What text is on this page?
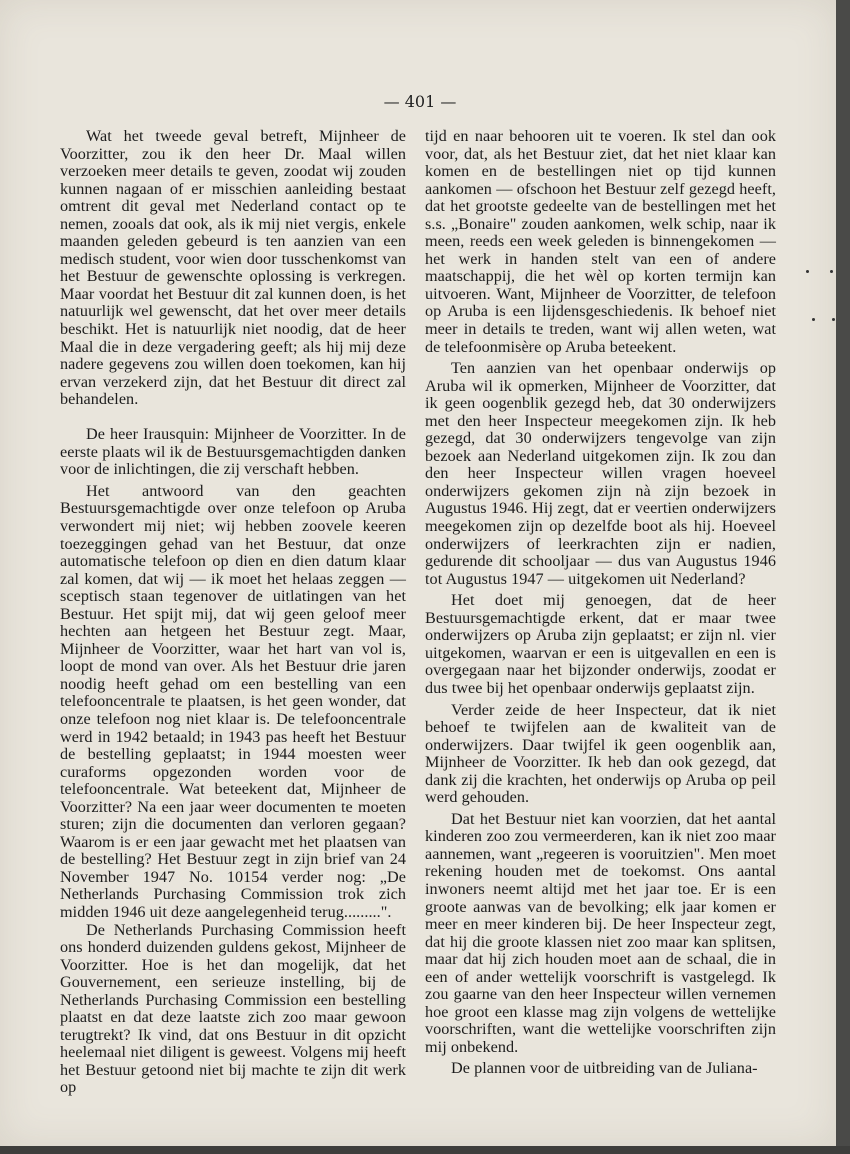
— 401 —

Wat het tweede geval betreft, Mijnheer de Voorzitter, zou ik den heer Dr. Maal willen verzoeken meer details te geven, zoodat wij zouden kunnen nagaan of er misschien aanleiding bestaat omtrent dit geval met Nederland contact op te nemen, zooals dat ook, als ik mij niet vergis, enkele maanden geleden gebeurd is ten aanzien van een medisch student, voor wien door tusschenkomst van het Bestuur de gewenschte oplossing is verkregen. Maar voordat het Bestuur dit zal kunnen doen, is het natuurlijk wel gewenscht, dat het over meer details beschikt. Het is natuurlijk niet noodig, dat de heer Maal die in deze vergadering geeft; als hij mij deze nadere gegevens zou willen doen toekomen, kan hij ervan verzekerd zijn, dat het Bestuur dit direct zal behandelen.

De heer Irausquin: Mijnheer de Voorzitter. In de eerste plaats wil ik de Bestuursgemachtigden danken voor de inlichtingen, die zij verschaft hebben.

Het antwoord van den geachten Bestuursgemachtigde over onze telefoon op Aruba verwondert mij niet; wij hebben zoovele keeren toezeggingen gehad van het Bestuur, dat onze automatische telefoon op dien en dien datum klaar zal komen, dat wij — ik moet het helaas zeggen — sceptisch staan tegenover de uitlatingen van het Bestuur. Het spijt mij, dat wij geen geloof meer hechten aan hetgeen het Bestuur zegt. Maar, Mijnheer de Voorzitter, waar het hart van vol is, loopt de mond van over. Als het Bestuur drie jaren noodig heeft gehad om een bestelling van een telefooncentrale te plaatsen, is het geen wonder, dat onze telefoon nog niet klaar is. De telefooncentrale werd in 1942 betaald; in 1943 pas heeft het Bestuur de bestelling geplaatst; in 1944 moesten weer curaforms opgezonden worden voor de telefooncentrale. Wat beteekent dat, Mijnheer de Voorzitter? Na een jaar weer documenten te moeten sturen; zijn die documenten dan verloren gegaan? Waarom is er een jaar gewacht met het plaatsen van de bestelling? Het Bestuur zegt in zijn brief van 24 November 1947 No. 10154 verder nog: „De Netherlands Purchasing Commission trok zich midden 1946 uit deze aangelegenheid terug.........".

De Netherlands Purchasing Commission heeft ons honderd duizenden guldens gekost, Mijnheer de Voorzitter. Hoe is het dan mogelijk, dat het Gouvernement, een serieuze instelling, bij de Netherlands Purchasing Commission een bestelling plaatst en dat deze laatste zich zoo maar gewoon terugtrekt? Ik vind, dat ons Bestuur in dit opzicht heelemaal niet diligent is geweest. Volgens mij heeft het Bestuur getoond niet bij machte te zijn dit werk op

tijd en naar behooren uit te voeren. Ik stel dan ook voor, dat, als het Bestuur ziet, dat het niet klaar kan komen en de bestellingen niet op tijd kunnen aankomen — ofschoon het Bestuur zelf gezegd heeft, dat het grootste gedeelte van de bestellingen met het s.s. „Bonaire" zouden aankomen, welk schip, naar ik meen, reeds een week geleden is binnengekomen — het werk in handen stelt van een of andere maatschappij, die het wèl op korten termijn kan uitvoeren. Want, Mijnheer de Voorzitter, de telefoon op Aruba is een lijdensgeschiedenis. Ik behoef niet meer in details te treden, want wij allen weten, wat de telefoonmisère op Aruba beteekent.

Ten aanzien van het openbaar onderwijs op Aruba wil ik opmerken, Mijnheer de Voorzitter, dat ik geen oogenblik gezegd heb, dat 30 onderwijzers met den heer Inspecteur meegekomen zijn. Ik heb gezegd, dat 30 onderwijzers tengevolge van zijn bezoek aan Nederland uitgekomen zijn. Ik zou dan den heer Inspecteur willen vragen hoeveel onderwijzers gekomen zijn nà zijn bezoek in Augustus 1946. Hij zegt, dat er veertien onderwijzers meegekomen zijn op dezelfde boot als hij. Hoeveel onderwijzers of leerkrachten zijn er nadien, gedurende dit schooljaar — dus van Augustus 1946 tot Augustus 1947 — uitgekomen uit Nederland?

Het doet mij genoegen, dat de heer Bestuursgemachtigde erkent, dat er maar twee onderwijzers op Aruba zijn geplaatst; er zijn nl. vier uitgekomen, waarvan er een is uitgevallen en een is overgegaan naar het bijzonder onderwijs, zoodat er dus twee bij het openbaar onderwijs geplaatst zijn.

Verder zeide de heer Inspecteur, dat ik niet behoef te twijfelen aan de kwaliteit van de onderwijzers. Daar twijfel ik geen oogenblik aan, Mijnheer de Voorzitter. Ik heb dan ook gezegd, dat dank zij die krachten, het onderwijs op Aruba op peil werd gehouden.

Dat het Bestuur niet kan voorzien, dat het aantal kinderen zoo zou vermeerderen, kan ik niet zoo maar aannemen, want „regeeren is vooruitzien". Men moet rekening houden met de toekomst. Ons aantal inwoners neemt altijd met het jaar toe. Er is een groote aanwas van de bevolking; elk jaar komen er meer en meer kinderen bij. De heer Inspecteur zegt, dat hij die groote klassen niet zoo maar kan splitsen, maar dat hij zich houden moet aan de schaal, die in een of ander wettelijk voorschrift is vastgelegd. Ik zou gaarne van den heer Inspecteur willen vernemen hoe groot een klasse mag zijn volgens de wettelijke voorschriften, want die wettelijke voorschriften zijn mij onbekend.

De plannen voor de uitbreiding van de Juliana-
